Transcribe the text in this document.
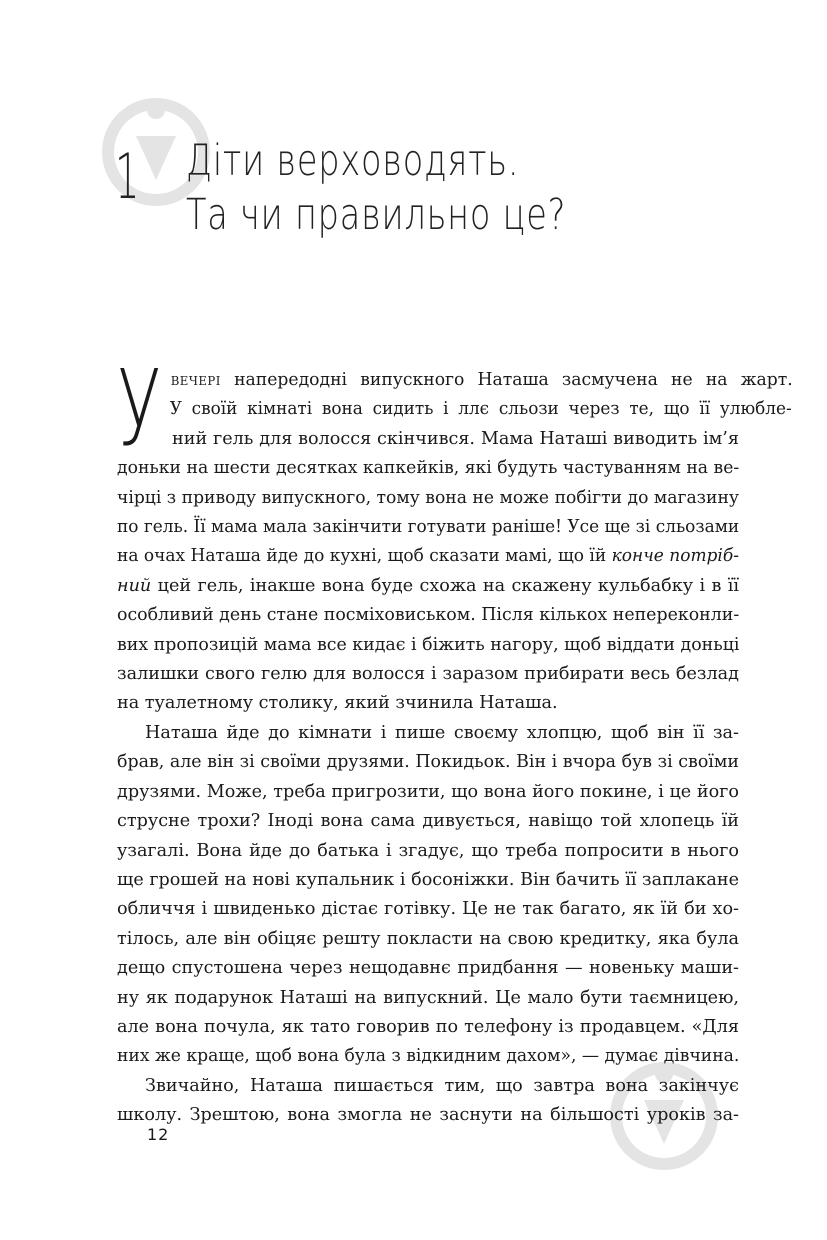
1 Діти верховодять.
Та чи правильно це?
У вечері напередодні випускного Наташа засмучена не на жарт.
У своїй кімнаті вона сидить і ллє сльози через те, що її улюбле-
ний гель для волосся скінчився. Мама Наташі виводить ім’я
доньки на шести десятках капкейків, які будуть частуванням на ве-
чірці з приводу випускного, тому вона не може побігти до магазину
по гель. Її мама мала закінчити готувати раніше! Усе ще зі сльозами
на очах Наташа йде до кухні, щоб сказати мамі, що їй конче потріб-
ний цей гель, інакше вона буде схожа на скажену кульбабку і в її
особливий день стане посміховиськом. Після кількох непереконли-
вих пропозицій мама все кидає і біжить нагору, щоб віддати доньці
залишки свого гелю для волосся і заразом прибирати весь безлад
на туалетному столику, який зчинила Наташа.
Наташа йде до кімнати і пише своєму хлопцю, щоб він її за-
брав, але він зі своїми друзями. Покидьок. Він і вчора був зі своїми
друзями. Може, треба пригрозити, що вона його покине, і це його
струсне трохи? Іноді вона сама дивується, навіщо той хлопець їй
узагалі. Вона йде до батька і згадує, що треба попросити в нього
ще грошей на нові купальник і босоніжки. Він бачить її заплакане
обличчя і швиденько дістає готівку. Це не так багато, як їй би хо-
тілось, але він обіцяє решту покласти на свою кредитку, яка була
дещо спустошена через нещодавнє придбання — новеньку маши-
ну як подарунок Наташі на випускний. Це мало бути таємницею,
але вона почула, як тато говорив по телефону із продавцем. «Для
них же краще, щоб вона була з відкидним дахом», — думає дівчина.
Звичайно, Наташа пишається тим, що завтра вона закінчує
школу. Зрештою, вона змогла не заснути на більшості уроків за-
12
